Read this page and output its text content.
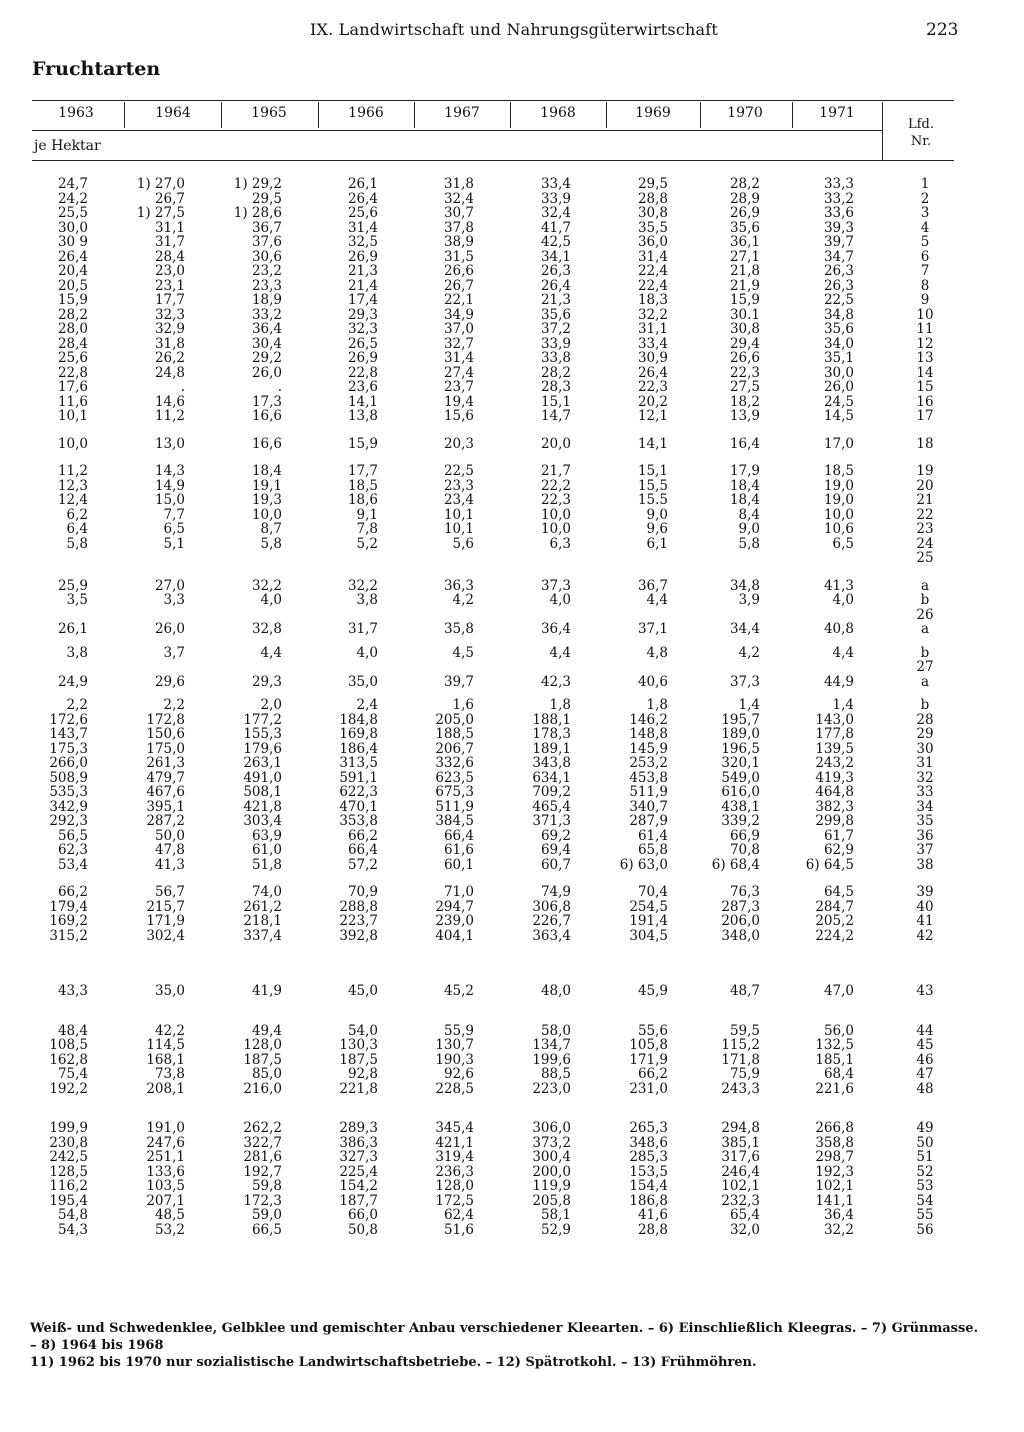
IX. Landwirtschaft und Nahrungsgüterwirtschaft	223
Fruchtarten
1963	1964	1965	1966	1967	1968	1969	1970	1971
je Hektar
Lfd.
Nr.
24,7	1) 27,0	1) 29,2	26,1	31,8	33,4	29,5	28,2	33,3	1
24,2	26,7	29,5	26,4	32,4	33,9	28,8	28,9	33,2	2
25,5	1) 27,5	1) 28,6	25,6	30,7	32,4	30,8	26,9	33,6	3
30,0	31,1	36,7	31,4	37,8	41,7	35,5	35,6	39,3	4
30 9	31,7	37,6	32,5	38,9	42,5	36,0	36,1	39,7	5
26,4	28,4	30,6	26,9	31,5	34,1	31,4	27,1	34,7	6
20,4	23,0	23,2	21,3	26,6	26,3	22,4	21,8	26,3	7
20,5	23,1	23,3	21,4	26,7	26,4	22,4	21,9	26,3	8
15,9	17,7	18,9	17,4	22,1	21,3	18,3	15,9	22,5	9
28,2	32,3	33,2	29,3	34,9	35,6	32,2	30.1	34,8	10
28,0	32,9	36,4	32,3	37,0	37,2	31,1	30,8	35,6	11
28,4	31,8	30,4	26,5	32,7	33,9	33,4	29,4	34,0	12
25,6	26,2	29,2	26,9	31,4	33,8	30,9	26,6	35,1	13
22,8	24,8	26,0	22,8	27,4	28,2	26,4	22,3	30,0	14
17,6	.	.	23,6	23,7	28,3	22,3	27,5	26,0	15
11,6	14,6	17,3	14,1	19,4	15,1	20,2	18,2	24,5	16
10,1	11,2	16,6	13,8	15,6	14,7	12,1	13,9	14,5	17
10,0	13,0	16,6	15,9	20,3	20,0	14,1	16,4	17,0	18
11,2	14,3	18,4	17,7	22,5	21,7	15,1	17,9	18,5	19
12,3	14,9	19,1	18,5	23,3	22,2	15,5	18,4	19,0	20
12,4	15,0	19,3	18,6	23,4	22,3	15.5	18,4	19,0	21
6,2	7,7	10,0	9,1	10,1	10,0	9,0	8,4	10,0	22
6,4	6,5	8,7	7,8	10,1	10,0	9,6	9,0	10,6	23
5,8	5,1	5,8	5,2	5,6	6,3	6,1	5,8	6,5	24
25
25,9	27,0	32,2	32,2	36,3	37,3	36,7	34,8	41,3	a
3,5	3,3	4,0	3,8	4,2	4,0	4,4	3,9	4,0	b
26
26,1	26,0	32,8	31,7	35,8	36,4	37,1	34,4	40,8	a
3,8	3,7	4,4	4,0	4,5	4,4	4,8	4,2	4,4	b
27
24,9	29,6	29,3	35,0	39,7	42,3	40,6	37,3	44,9	a
2,2	2,2	2,0	2,4	1,6	1,8	1,8	1,4	1,4	b
172,6	172,8	177,2	184,8	205,0	188,1	146,2	195,7	143,0	28
143,7	150,6	155,3	169,8	188,5	178,3	148,8	189,0	177,8	29
175,3	175,0	179,6	186,4	206,7	189,1	145,9	196,5	139,5	30
266,0	261,3	263,1	313,5	332,6	343,8	253,2	320,1	243,2	31
508,9	479,7	491,0	591,1	623,5	634,1	453,8	549,0	419,3	32
535,3	467,6	508,1	622,3	675,3	709,2	511,9	616,0	464,8	33
342,9	395,1	421,8	470,1	511,9	465,4	340,7	438,1	382,3	34
292,3	287,2	303,4	353,8	384,5	371,3	287,9	339,2	299,8	35
56,5	50,0	63,9	66,2	66,4	69,2	61,4	66,9	61,7	36
62,3	47,8	61,0	66,4	61,6	69,4	65,8	70,8	62,9	37
53,4	41,3	51,8	57,2	60,1	60,7	6) 63,0	6) 68,4	6) 64,5	38
66,2	56,7	74,0	70,9	71,0	74,9	70,4	76,3	64,5	39
179,4	215,7	261,2	288,8	294,7	306,8	254,5	287,3	284,7	40
169,2	171,9	218,1	223,7	239,0	226,7	191,4	206,0	205,2	41
315,2	302,4	337,4	392,8	404,1	363,4	304,5	348,0	224,2	42
43,3	35,0	41,9	45,0	45,2	48,0	45,9	48,7	47,0	43
48,4	42,2	49,4	54,0	55,9	58,0	55,6	59,5	56,0	44
108,5	114,5	128,0	130,3	130,7	134,7	105,8	115,2	132,5	45
162,8	168,1	187,5	187,5	190,3	199,6	171,9	171,8	185,1	46
75,4	73,8	85,0	92,8	92,6	88,5	66,2	75,9	68,4	47
192,2	208,1	216,0	221,8	228,5	223,0	231,0	243,3	221,6	48
199,9	191,0	262,2	289,3	345,4	306,0	265,3	294,8	266,8	49
230,8	247,6	322,7	386,3	421,1	373,2	348,6	385,1	358,8	50
242,5	251,1	281,6	327,3	319,4	300,4	285,3	317,6	298,7	51
128,5	133,6	192,7	225,4	236,3	200,0	153,5	246,4	192,3	52
116,2	103,5	59,8	154,2	128,0	119,9	154,4	102,1	102,1	53
195,4	207,1	172,3	187,7	172,5	205,8	186,8	232,3	141,1	54
54,8	48,5	59,0	66,0	62,4	58,1	41,6	65,4	36,4	55
54,3	53,2	66,5	50,8	51,6	52,9	28,8	32,0	32,2	56
Weiß- und Schwedenklee, Gelbklee und gemischter Anbau verschiedener Kleearten. – 6) Einschließlich Kleegras. – 7) Grünmasse. – 8) 1964 bis 1968
11) 1962 bis 1970 nur sozialistische Landwirtschaftsbetriebe. – 12) Spätrotkohl. – 13) Frühmöhren.
